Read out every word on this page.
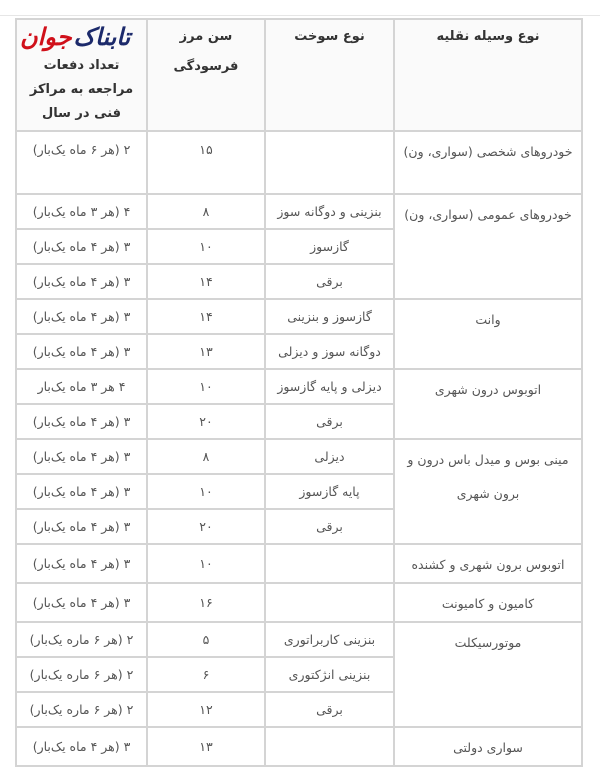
نوع وسیله نقلیه	نوع سوخت	سن مرز فرسودگی	تابناکجوان
تعداد دفعات مراجعه به مراکز فنی در سال

خودروهای شخصی (سواری، ون)		۱۵	۲ (هر ۶ ماه یک‌بار)
خودروهای عمومی (سواری، ون)	بنزینی و دوگانه سوز	۸	۴ (هر ۳ ماه یک‌بار)
	گازسوز	۱۰	۳ (هر ۴ ماه یک‌بار)
	برقی	۱۴	۳ (هر ۴ ماه یک‌بار)
وانت	گازسوز و بنزینی	۱۴	۳ (هر ۴ ماه یک‌بار)
	دوگانه سوز و دیزلی	۱۳	۳ (هر ۴ ماه یک‌بار)
اتوبوس درون شهری	دیزلی و پایه گازسوز	۱۰	۴ هر ۳ ماه یک‌بار
	برقی	۲۰	۳ (هر ۴ ماه یک‌بار)
مینی بوس و میدل باس درون و برون شهری	دیزلی	۸	۳ (هر ۴ ماه یک‌بار)
	پایه گازسوز	۱۰	۳ (هر ۴ ماه یک‌بار)
	برقی	۲۰	۳ (هر ۴ ماه یک‌بار)
اتوبوس برون شهری و کشنده		۱۰	۳ (هر ۴ ماه یک‌بار)
کامیون و کامیونت		۱۶	۳ (هر ۴ ماه یک‌بار)
موتورسیکلت	بنزینی کاربراتوری	۵	۲ (هر ۶ ماره یک‌بار)
	بنزینی انژکتوری	۶	۲ (هر ۶ ماره یک‌بار)
	برقی	۱۲	۲ (هر ۶ ماره یک‌بار)
سواری دولتی		۱۳	۳ (هر ۴ ماه یک‌بار)
